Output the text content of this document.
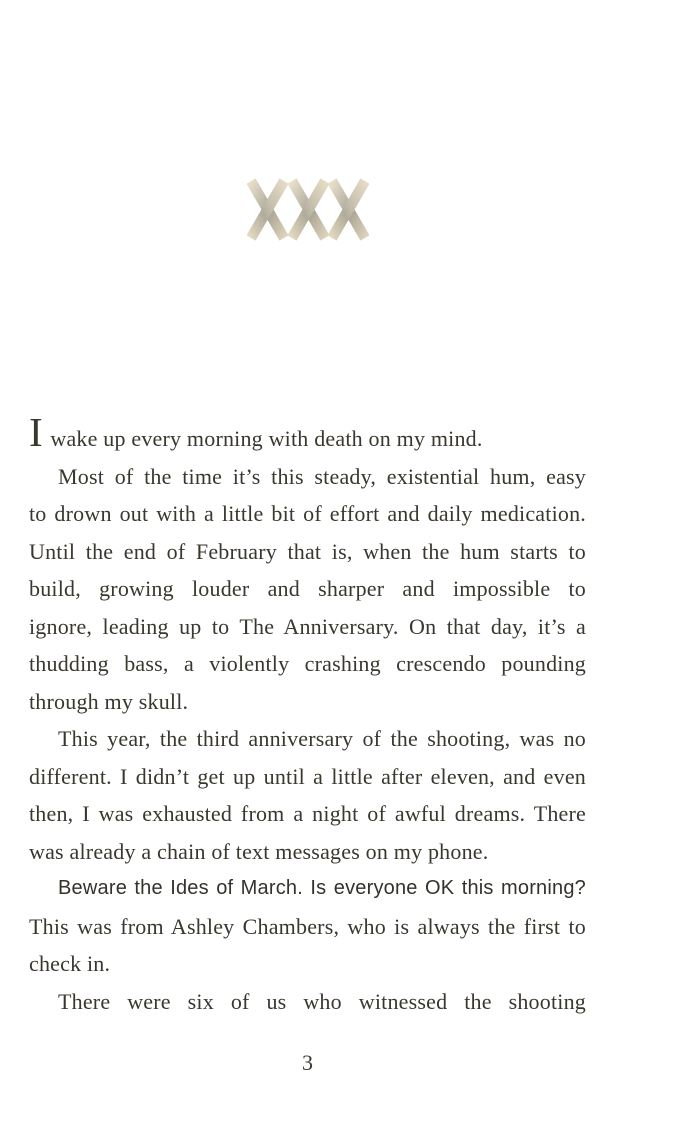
I wake up every morning with death on my mind.
Most of the time it’s this steady, existential hum, easy
to drown out with a little bit of effort and daily medication.
Until the end of February that is, when the hum starts to
build, growing louder and sharper and impossible to
ignore, leading up to The Anniversary. On that day, it’s a
thudding bass, a violently crashing crescendo pounding
through my skull.
This year, the third anniversary of the shooting, was no
different. I didn’t get up until a little after eleven, and even
then, I was exhausted from a night of awful dreams. There
was already a chain of text messages on my phone.
Beware the Ides of March. Is everyone OK this morning?
This was from Ashley Chambers, who is always the first to
check in.
There were six of us who witnessed the shooting
3
